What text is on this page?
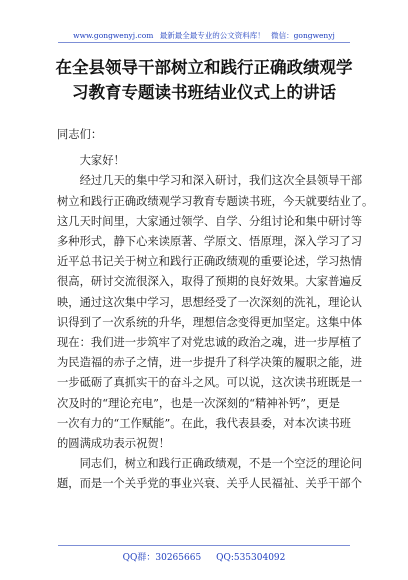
www.gongwenyj.com 最新最全最专业的公文资料库！ 微信：gongwenyj
在全县领导干部树立和践行正确政绩观学
习教育专题读书班结业仪式上的讲话

同志们：

　　大家好！

　　经过几天的集中学习和深入研讨，我们这次全县领导干部

树立和践行正确政绩观学习教育专题读书班，今天就要结业了。

这几天时间里，大家通过领学、自学、分组讨论和集中研讨等

多种形式，静下心来读原著、学原文、悟原理，深入学习了习

近平总书记关于树立和践行正确政绩观的重要论述，学习热情

很高，研讨交流很深入，取得了预期的良好效果。大家普遍反

映，通过这次集中学习，思想经受了一次深刻的洗礼，理论认

识得到了一次系统的升华，理想信念变得更加坚定。这集中体

现在：我们进一步筑牢了对党忠诚的政治之魂，进一步厚植了

为民造福的赤子之情，进一步提升了科学决策的履职之能，进

一步砥砺了真抓实干的奋斗之风。可以说，这次读书班既是一

次及时的“理论充电”，也是一次深刻的“精神补钙”，更是

一次有力的“工作赋能”。在此，我代表县委，对本次读书班

的圆满成功表示祝贺！

　　同志们，树立和践行正确政绩观，不是一个空泛的理论问

题，而是一个关乎党的事业兴衰、关乎人民福祉、关乎干部个

QQ群：30265665 QQ:535304092
